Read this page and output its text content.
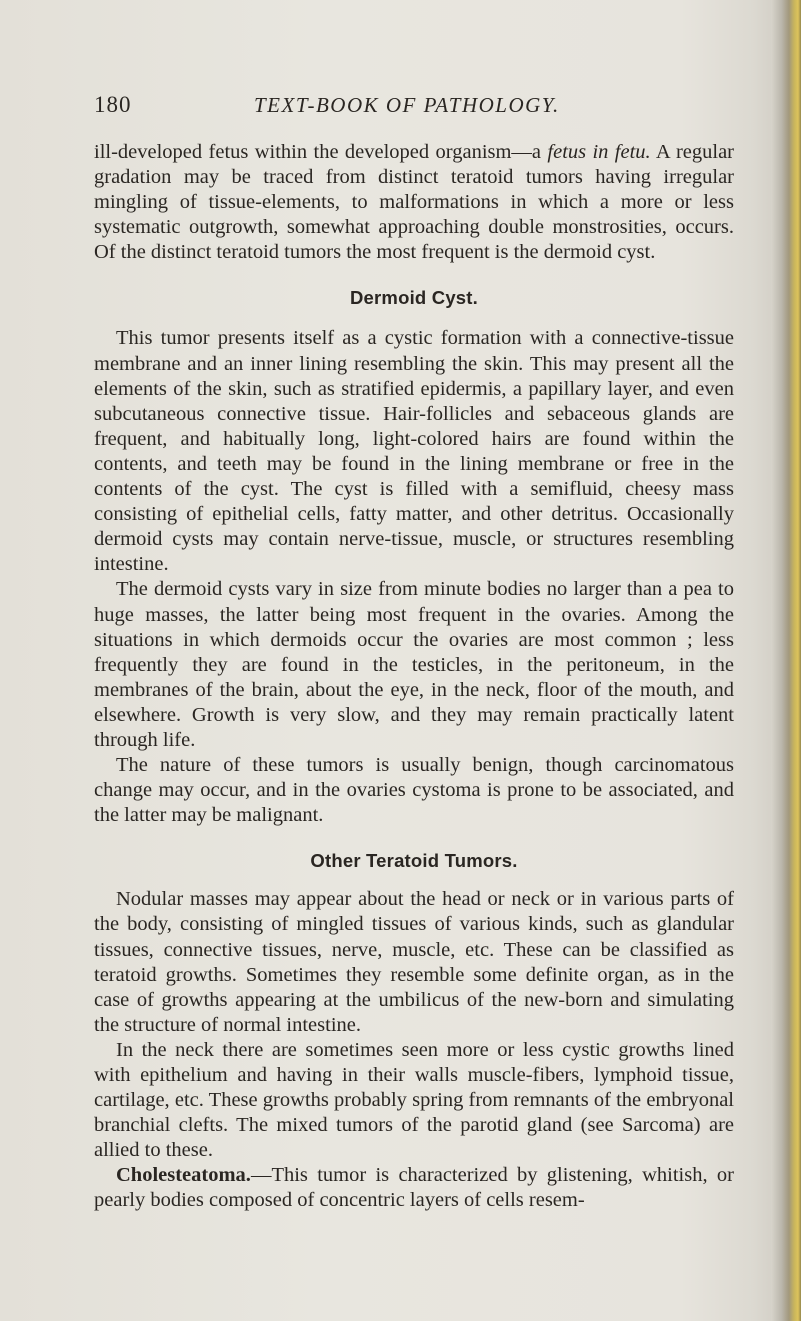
180	TEXT-BOOK OF PATHOLOGY.

ill-developed fetus within the developed organism—a fetus in fetu. A regular gradation may be traced from distinct teratoid tumors having irregular mingling of tissue-elements, to malformations in which a more or less systematic outgrowth, somewhat approaching double monstrosities, occurs. Of the distinct teratoid tumors the most frequent is the dermoid cyst.

Dermoid Cyst.

This tumor presents itself as a cystic formation with a connective-tissue membrane and an inner lining resembling the skin. This may present all the elements of the skin, such as stratified epidermis, a papillary layer, and even subcutaneous connective tissue. Hair-follicles and sebaceous glands are frequent, and habitually long, light-colored hairs are found within the contents, and teeth may be found in the lining membrane or free in the contents of the cyst. The cyst is filled with a semifluid, cheesy mass consisting of epithelial cells, fatty matter, and other detritus. Occasionally dermoid cysts may contain nerve-tissue, muscle, or structures resembling intestine.

The dermoid cysts vary in size from minute bodies no larger than a pea to huge masses, the latter being most frequent in the ovaries. Among the situations in which dermoids occur the ovaries are most common ; less frequently they are found in the testicles, in the peritoneum, in the membranes of the brain, about the eye, in the neck, floor of the mouth, and elsewhere. Growth is very slow, and they may remain practically latent through life.

The nature of these tumors is usually benign, though carcinomatous change may occur, and in the ovaries cystoma is prone to be associated, and the latter may be malignant.

Other Teratoid Tumors.

Nodular masses may appear about the head or neck or in various parts of the body, consisting of mingled tissues of various kinds, such as glandular tissues, connective tissues, nerve, muscle, etc. These can be classified as teratoid growths. Sometimes they resemble some definite organ, as in the case of growths appearing at the umbilicus of the new-born and simulating the structure of normal intestine.

In the neck there are sometimes seen more or less cystic growths lined with epithelium and having in their walls muscle-fibers, lymphoid tissue, cartilage, etc. These growths probably spring from remnants of the embryonal branchial clefts. The mixed tumors of the parotid gland (see Sarcoma) are allied to these.

Cholesteatoma.—This tumor is characterized by glistening, whitish, or pearly bodies composed of concentric layers of cells resem-
